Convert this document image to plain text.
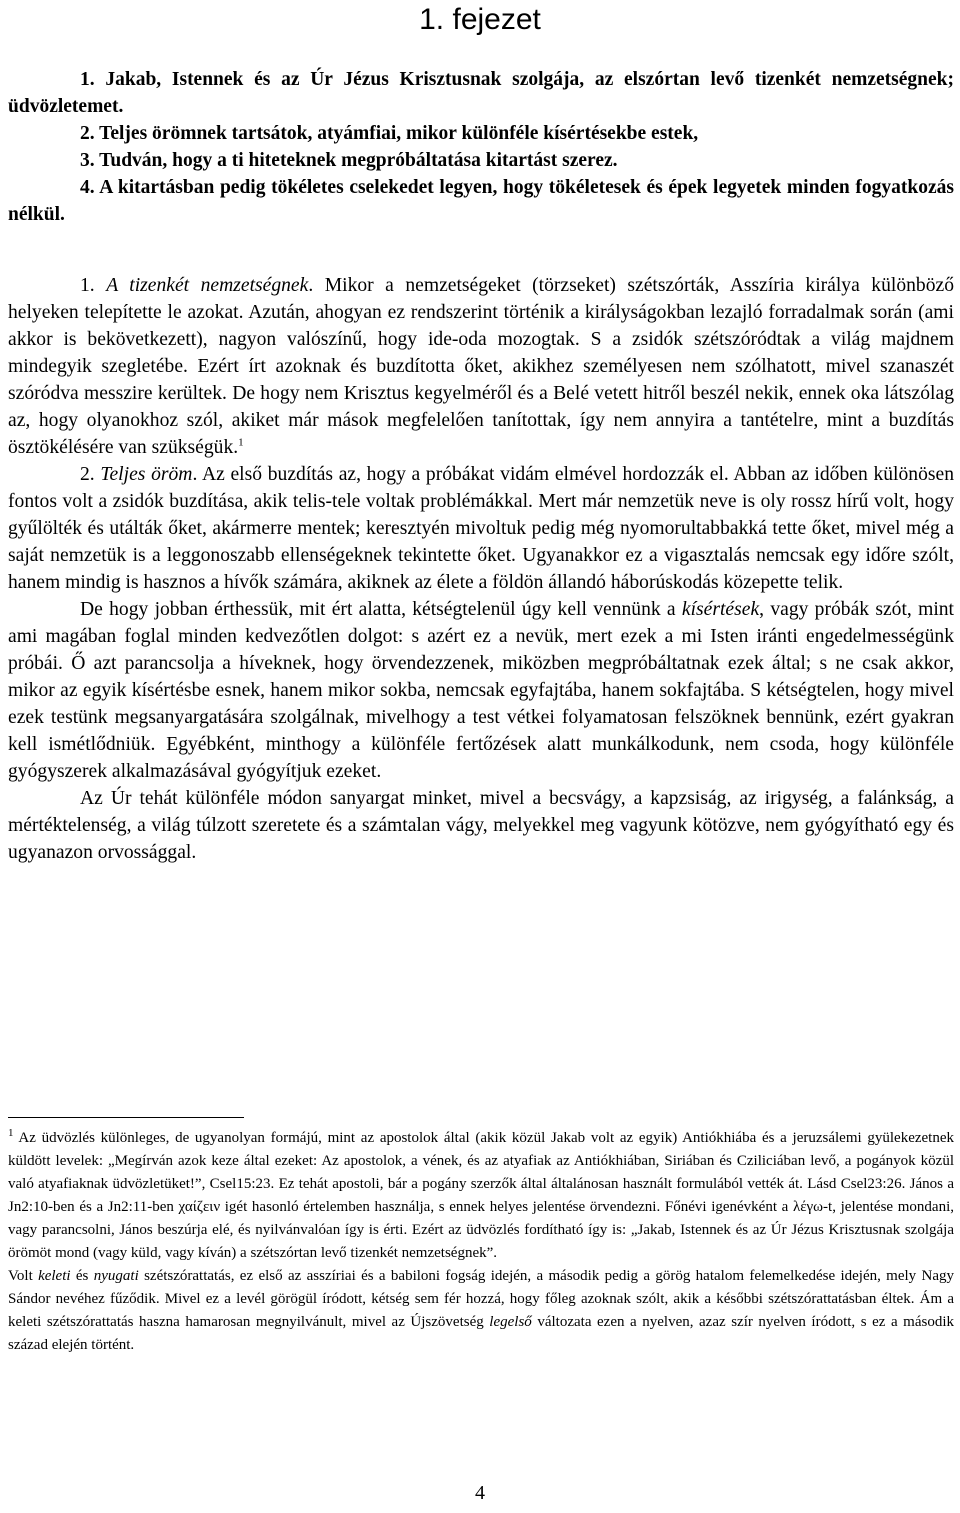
1. fejezet

1. Jakab, Istennek és az Úr Jézus Krisztusnak szolgája, az elszórtan levő tizenkét nemzetségnek; üdvözletemet.

2. Teljes örömnek tartsátok, atyámfiai, mikor különféle kísértésekbe estek,

3. Tudván, hogy a ti hiteteknek megpróbáltatása kitartást szerez.

4. A kitartásban pedig tökéletes cselekedet legyen, hogy tökéletesek és épek legyetek minden fogyatkozás nélkül.

1. A tizenkét nemzetségnek. Mikor a nemzetségeket (törzseket) szétszórták, Asszíria királya különböző helyeken telepítette le azokat. Azután, ahogyan ez rendszerint történik a királyságokban lezajló forradalmak során (ami akkor is bekövetkezett), nagyon valószínű, hogy ide-oda mozogtak. S a zsidók szétszóródtak a világ majdnem mindegyik szegletébe. Ezért írt azoknak és buzdította őket, akikhez személyesen nem szólhatott, mivel szanaszét szóródva messzire kerültek. De hogy nem Krisztus kegyelméről és a Belé vetett hitről beszél nekik, ennek oka látszólag az, hogy olyanokhoz szól, akiket már mások megfelelően tanítottak, így nem annyira a tantételre, mint a buzdítás ösztökélésére van szükségük.$^1$

2. Teljes öröm. Az első buzdítás az, hogy a próbákat vidám elmével hordozzák el. Abban az időben különösen fontos volt a zsidók buzdítása, akik telis-tele voltak problémákkal. Mert már nemzetük neve is oly rossz hírű volt, hogy gyűlölték és utálták őket, akármerre mentek; keresztyén mivoltuk pedig még nyomorultabbakká tette őket, mivel még a saját nemzetük is a leggonoszabb ellenségeknek tekintette őket. Ugyanakkor ez a vigasztalás nemcsak egy időre szólt, hanem mindig is hasznos a hívők számára, akiknek az élete a földön állandó háborúskodás közepette telik.

De hogy jobban érthessük, mit ért alatta, kétségtelenül úgy kell vennünk a kísértések, vagy próbák szót, mint ami magában foglal minden kedvezőtlen dolgot: s azért ez a nevük, mert ezek a mi Isten iránti engedelmességünk próbái. Ő azt parancsolja a híveknek, hogy örvendezzenek, miközben megpróbáltatnak ezek által; s ne csak akkor, mikor az egyik kísértésbe esnek, hanem mikor sokba, nemcsak egyfajtába, hanem sokfajtába. S kétségtelen, hogy mivel ezek testünk megsanyargatására szolgálnak, mivelhogy a test vétkei folyamatosan felszöknek bennünk, ezért gyakran kell ismétlődniük. Egyébként, minthogy a különféle fertőzések alatt munkálkodunk, nem csoda, hogy különféle gyógyszerek alkalmazásával gyógyítjuk ezeket.

Az Úr tehát különféle módon sanyargat minket, mivel a becsvágy, a kapzsiság, az irigység, a falánkság, a mértéktelenség, a világ túlzott szeretete és a számtalan vágy, melyekkel meg vagyunk kötözve, nem gyógyítható egy és ugyanazon orvossággal.

$^1$ Az üdvözlés különleges, de ugyanolyan formájú, mint az apostolok által (akik közül Jakab volt az egyik) Antiókhiába és a jeruzsálemi gyülekezetnek küldött levelek: „Megírván azok keze által ezeket: Az apostolok, a vének, és az atyafiak az Antiókhiában, Siriában és Cziliciában levő, a pogányok közül való atyafiaknak üdvözletüket!”, Csel15:23. Ez tehát apostoli, bár a pogány szerzők által általánosan használt formulából vették át. Lásd Csel23:26. János a Jn2:10-ben és a Jn2:11-ben χαίζειν igét hasonló értelemben használja, s ennek helyes jelentése örvendezni. Főnévi igenévként a λέγω-t, jelentése mondani, vagy parancsolni, János beszúrja elé, és nyilvánvalóan így is érti. Ezért az üdvözlés fordítható így is: „Jakab, Istennek és az Úr Jézus Krisztusnak szolgája örömöt mond (vagy küld, vagy kíván) a szétszórtan levő tizenkét nemzetségnek”.

Volt keleti és nyugati szétszórattatás, ez első az asszíriai és a babiloni fogság idején, a második pedig a görög hatalom felemelkedése idején, mely Nagy Sándor nevéhez fűződik. Mivel ez a levél görögül íródott, kétség sem fér hozzá, hogy főleg azoknak szólt, akik a későbbi szétszórattatásban éltek. Ám a keleti szétszórattatás haszna hamarosan megnyilvánult, mivel az Újszövetség legelső változata ezen a nyelven, azaz szír nyelven íródott, s ez a második század elején történt.

4
